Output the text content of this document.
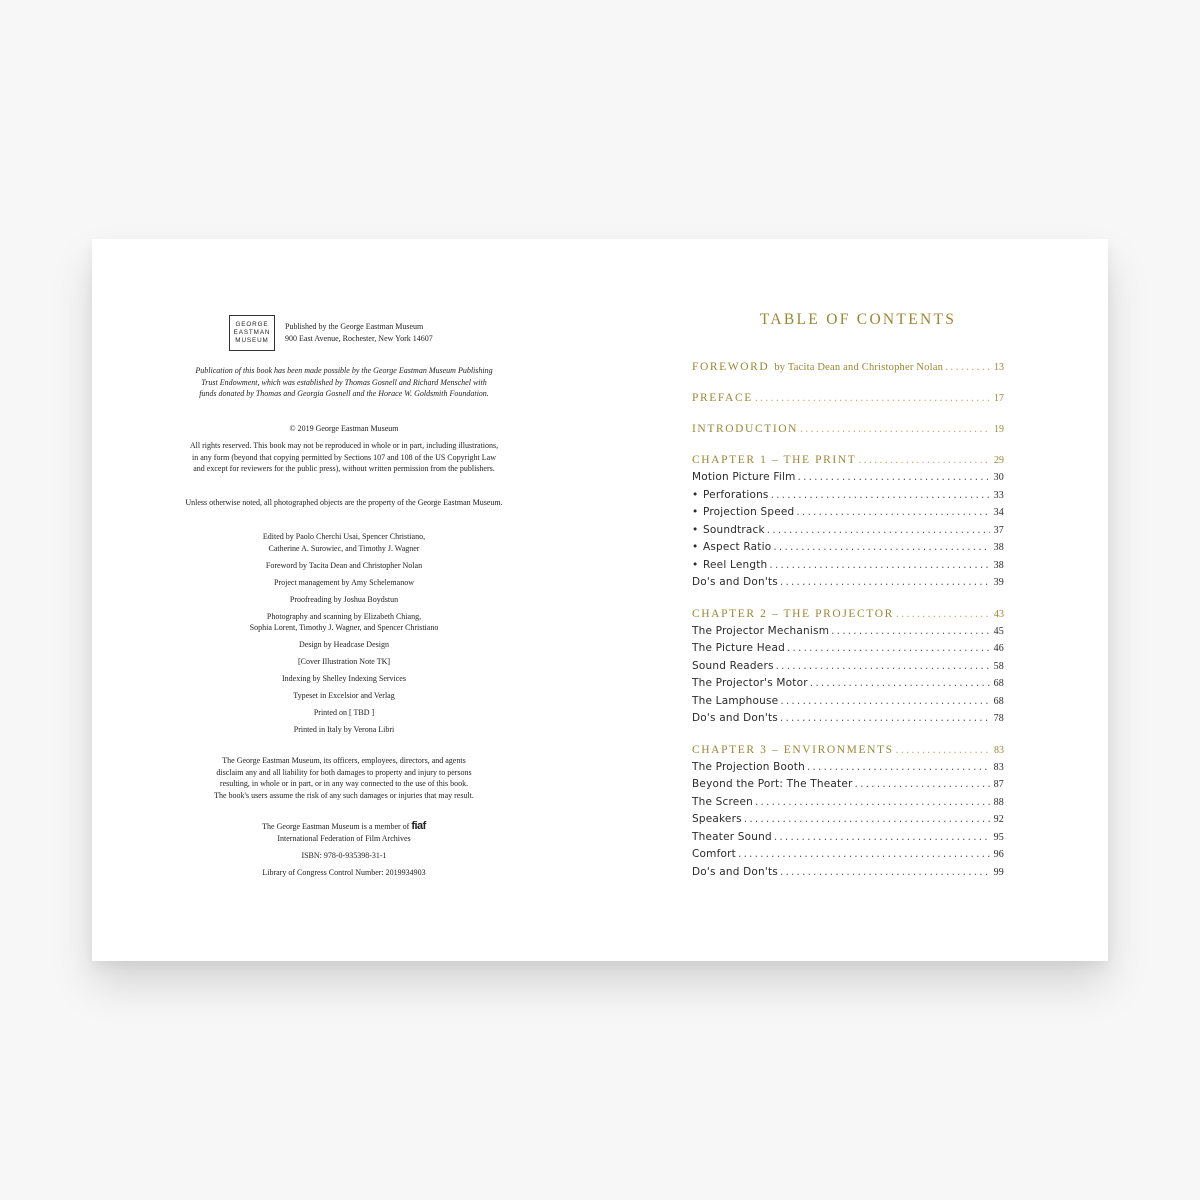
GEORGE
EASTMAN
MUSEUM
Published by the George Eastman Museum
900 East Avenue, Rochester, New York 14607

Publication of this book has been made possible by the George Eastman Museum Publishing

Trust Endowment, which was established by Thomas Gosnell and Richard Menschel with

funds donated by Thomas and Georgia Gosnell and the Horace W. Goldsmith Foundation.

© 2019 George Eastman Museum

All rights reserved. This book may not be reproduced in whole or in part, including illustrations,

in any form (beyond that copying permitted by Sections 107 and 108 of the US Copyright Law

and except for reviewers for the public press), without written permission from the publishers.

Unless otherwise noted, all photographed objects are the property of the George Eastman Museum.

Edited by Paolo Cherchi Usai, Spencer Christiano,
Catherine A. Surowiec, and Timothy J. Wagner

Foreword by Tacita Dean and Christopher Nolan

Project management by Amy Schelemanow

Proofreading by Joshua Boydstun

Photography and scanning by Elizabeth Chiang,
Sophia Lorent, Timothy J. Wagner, and Spencer Christiano

Design by Headcase Design

[Cover Illustration Note TK]

Indexing by Shelley Indexing Services

Typeset in Excelsior and Verlag

Printed on [ TBD ]

Printed in Italy by Verona Libri

The George Eastman Museum, its officers, employees, directors, and agents

disclaim any and all liability for both damages to property and injury to persons

resulting, in whole or in part, or in any way connected to the use of this book.

The book's users assume the risk of any such damages or injuries that may result.

The George Eastman Museum is a member of fiaf
International Federation of Film Archives

ISBN: 978-0-935398-31-1

Library of Congress Control Number: 2019934903

TABLE OF CONTENTS
FOREWORD by Tacita Dean and Christopher Nolan .....	13
PREFACE .....	17
INTRODUCTION .....	19
CHAPTER 1 – THE PRINT .....	29
Motion Picture Film .....	30
• Perforations .....	33
• Projection Speed .....	34
• Soundtrack .....	37
• Aspect Ratio .....	38
• Reel Length .....	38
Do's and Don'ts .....	39
CHAPTER 2 – THE PROJECTOR .....	43
The Projector Mechanism .....	45
The Picture Head .....	46
Sound Readers .....	58
The Projector's Motor .....	68
The Lamphouse .....	68
Do's and Don'ts .....	78
CHAPTER 3 – ENVIRONMENTS .....	83
The Projection Booth .....	83
Beyond the Port: The Theater .....	87
The Screen .....	88
Speakers .....	92
Theater Sound .....	95
Comfort .....	96
Do's and Don'ts .....	99
